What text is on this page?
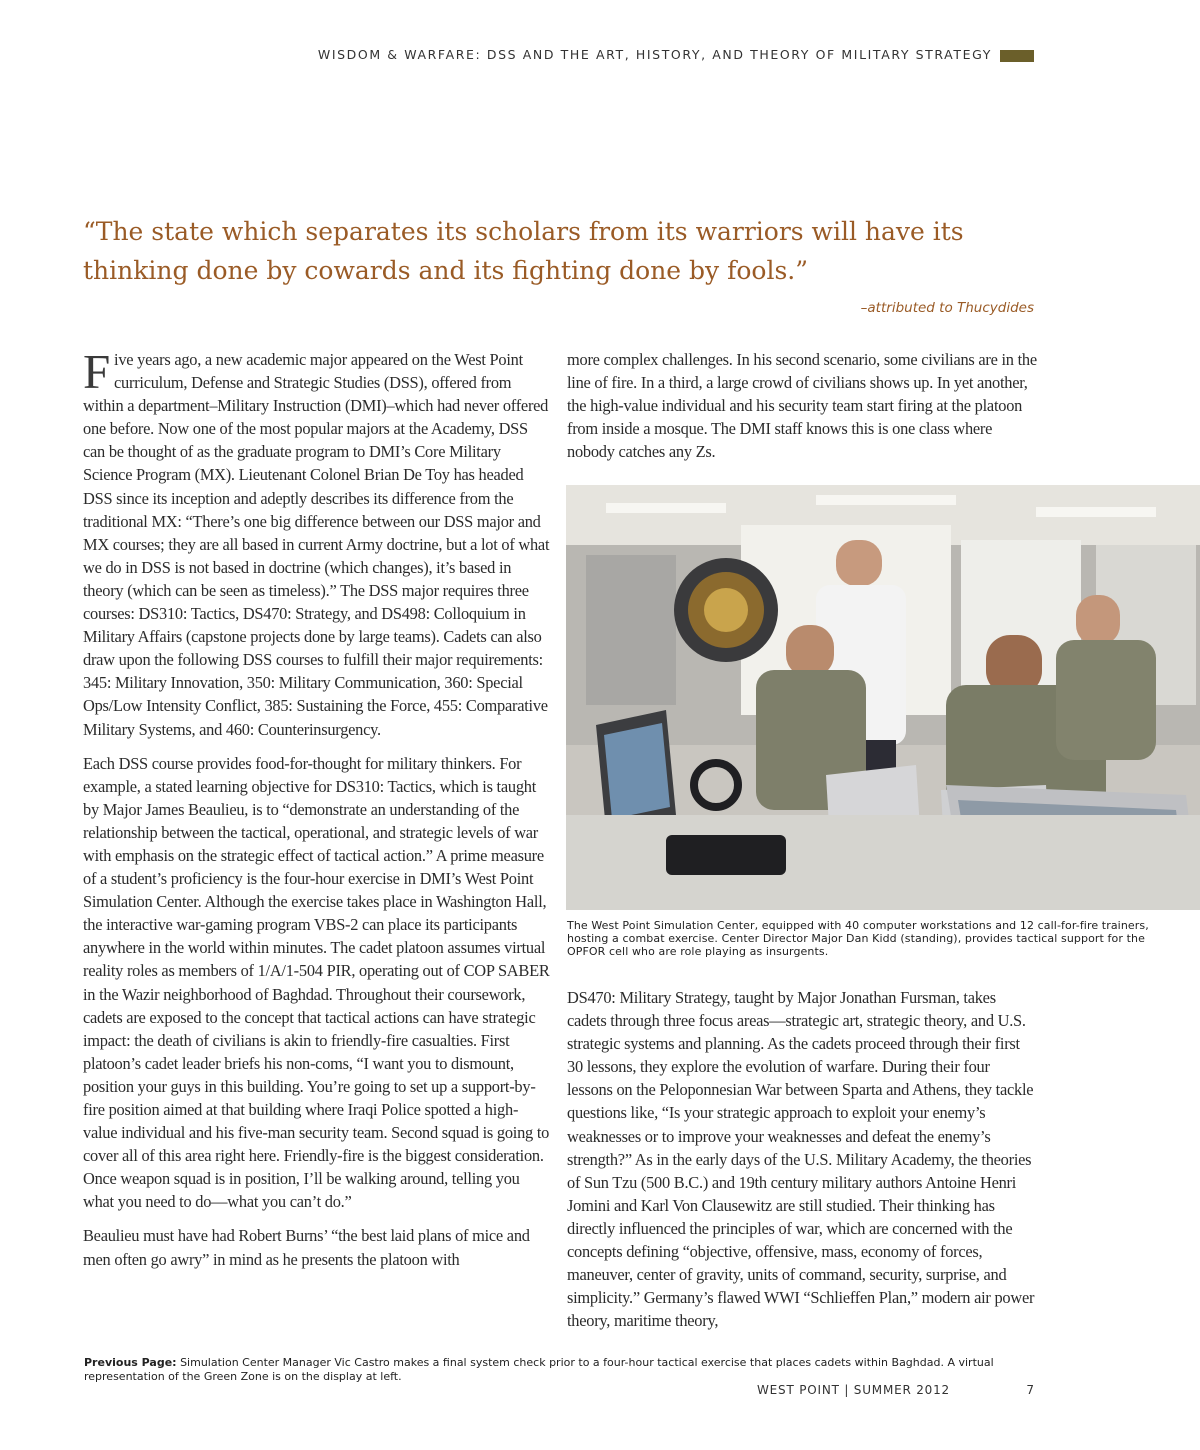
WISDOM & WARFARE: DSS AND THE ART, HISTORY, AND THEORY OF MILITARY STRATEGY

“The state which separates its scholars from its warriors will have its thinking done by cowards and its fighting done by fools.”

–attributed to Thucydides

Five years ago, a new academic major appeared on the West Point curriculum, Defense and Strategic Studies (DSS), offered from within a department–Military Instruction (DMI)–which had never offered one before. Now one of the most popular majors at the Academy, DSS can be thought of as the graduate program to DMI’s Core Military Science Program (MX). Lieutenant Colonel Brian De Toy has headed DSS since its inception and adeptly describes its difference from the traditional MX: “There’s one big difference between our DSS major and MX courses; they are all based in current Army doctrine, but a lot of what we do in DSS is not based in doctrine (which changes), it’s based in theory (which can be seen as timeless).” The DSS major requires three courses: DS310: Tactics, DS470: Strategy, and DS498: Colloquium in Military Affairs (capstone projects done by large teams). Cadets can also draw upon the following DSS courses to fulfill their major requirements: 345: Military Innovation, 350: Military Communication, 360: Special Ops/Low Intensity Conflict, 385: Sustaining the Force, 455: Comparative Military Systems, and 460: Counterinsurgency.

Each DSS course provides food-for-thought for military thinkers. For example, a stated learning objective for DS310: Tactics, which is taught by Major James Beaulieu, is to “demonstrate an understanding of the relationship between the tactical, operational, and strategic levels of war with emphasis on the strategic effect of tactical action.” A prime measure of a student’s proficiency is the four-hour exercise in DMI’s West Point Simulation Center. Although the exercise takes place in Washington Hall, the interactive war-gaming program VBS-2 can place its participants anywhere in the world within minutes. The cadet platoon assumes virtual reality roles as members of 1/A/1-504 PIR, operating out of COP SABER in the Wazir neighborhood of Baghdad. Throughout their coursework, cadets are exposed to the concept that tactical actions can have strategic impact: the death of civilians is akin to friendly-fire casualties. First platoon’s cadet leader briefs his non-coms, “I want you to dismount, position your guys in this building. You’re going to set up a support-by-fire position aimed at that building where Iraqi Police spotted a high-value individual and his five-man security team. Second squad is going to cover all of this area right here. Friendly-fire is the biggest consideration. Once weapon squad is in position, I’ll be walking around, telling you what you need to do—what you can’t do.”

Beaulieu must have had Robert Burns’ “the best laid plans of mice and men often go awry” in mind as he presents the platoon with

more complex challenges. In his second scenario, some civilians are in the line of fire. In a third, a large crowd of civilians shows up. In yet another, the high-value individual and his security team start firing at the platoon from inside a mosque. The DMI staff knows this is one class where nobody catches any Zs.

The West Point Simulation Center, equipped with 40 computer workstations and 12 call-for-fire trainers, hosting a combat exercise. Center Director Major Dan Kidd (standing), provides tactical support for the OPFOR cell who are role playing as insurgents.

DS470: Military Strategy, taught by Major Jonathan Fursman, takes cadets through three focus areas—strategic art, strategic theory, and U.S. strategic systems and planning. As the cadets proceed through their first 30 lessons, they explore the evolution of warfare. During their four lessons on the Peloponnesian War between Sparta and Athens, they tackle questions like, “Is your strategic approach to exploit your enemy’s weaknesses or to improve your weaknesses and defeat the enemy’s strength?” As in the early days of the U.S. Military Academy, the theories of Sun Tzu (500 B.C.) and 19th century military authors Antoine Henri Jomini and Karl Von Clausewitz are still studied. Their thinking has directly influenced the principles of war, which are concerned with the concepts defining “objective, offensive, mass, economy of forces, maneuver, center of gravity, units of command, security, surprise, and simplicity.” Germany’s flawed WWI “Schlieffen Plan,” modern air power theory, maritime theory,

Previous Page: Simulation Center Manager Vic Castro makes a final system check prior to a four-hour tactical exercise that places cadets within Baghdad. A virtual representation of the Green Zone is on the display at left.
WEST POINT | SUMMER 2012	7
